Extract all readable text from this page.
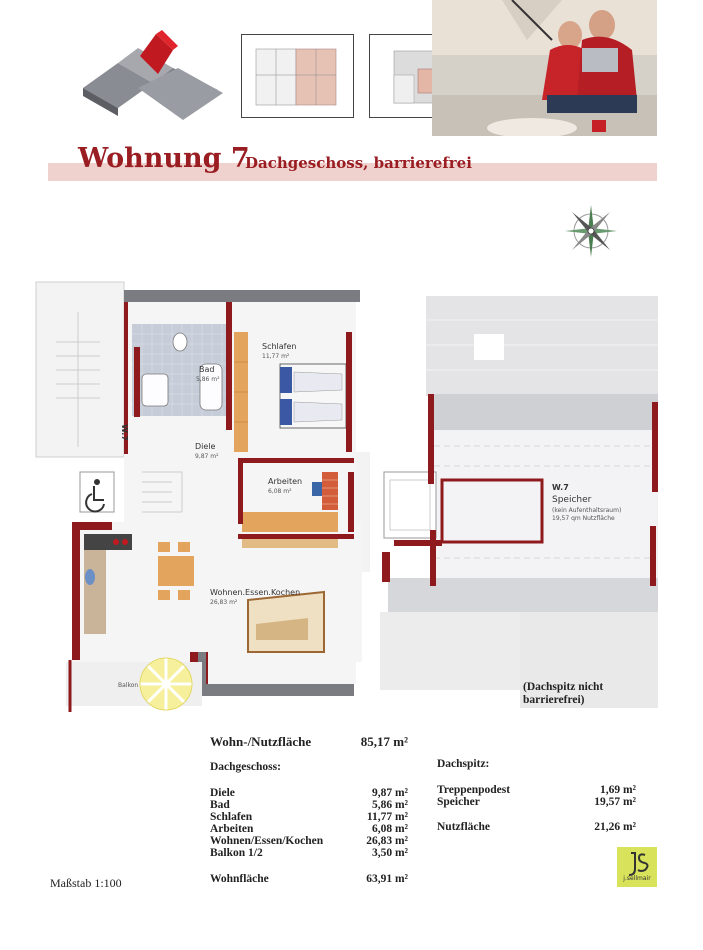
Wohnung 7
Dachgeschoss, barrierefrei
Bad
5,86 m²
Schlafen
11,77 m²
Diele
9,87 m²
Arbeiten
6,08 m²
Wohnen.Essen.Kochen
26,83 m²
Balkon
W.7
W.7
Speicher
(kein Aufenthaltsraum)
19,57 qm Nutzfläche
(Dachspitz nicht barrierefrei)
Wohn-/Nutzfläche	85,17 m²
Dachgeschoss:
Diele	9,87 m²
Bad	5,86 m²
Schlafen	11,77 m²
Arbeiten	6,08 m²
Wohnen/Essen/Kochen	26,83 m²
Balkon 1/2	3,50 m²
Wohnfläche	63,91 m²
Dachspitz:
Treppenpodest	1,69 m²
Speicher	19,57 m²
Nutzfläche	21,26 m²
Maßstab 1:100	j.sellmair
